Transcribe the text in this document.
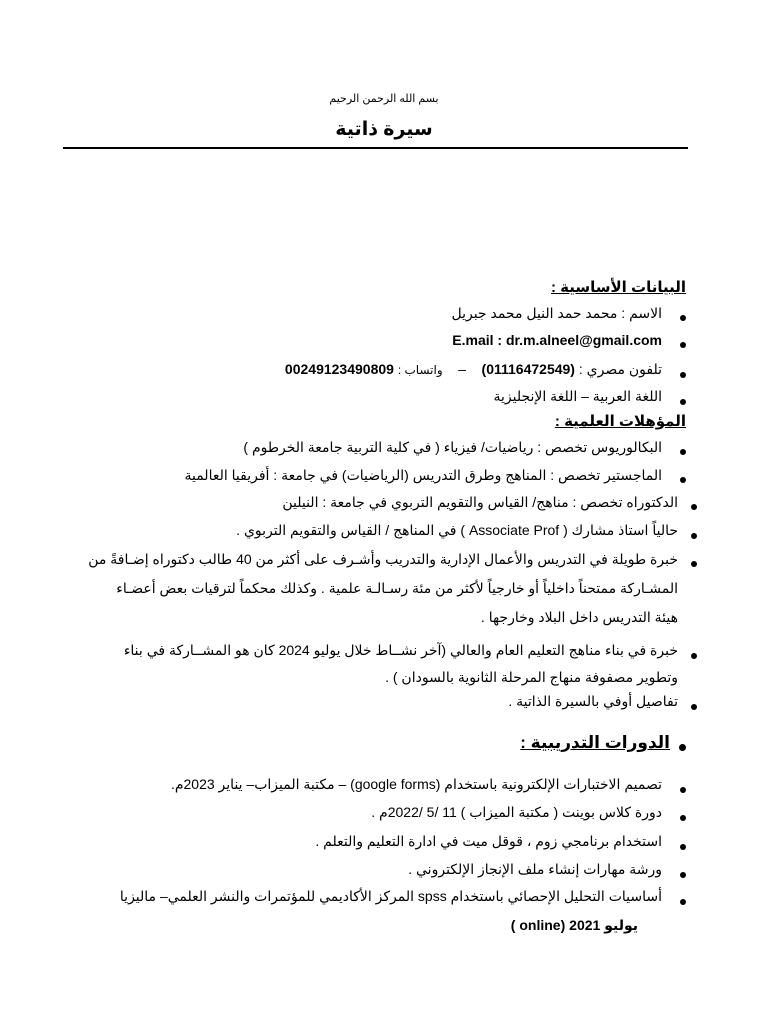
بسم الله الرحمن الرحيم
سيرة ذاتية
البيانات الأساسية :
الاسم : محمد حمد النيل محمد جبريل
E.mail : dr.m.alneel@gmail.com
تلفون مصري : (01116472549)    –    واتساب : 00249123490809
اللغة العربية – اللغة الإنجليزية
المؤهلات العلمية :
البكالوريوس تخصص : رياضيات/ فيزياء ( في كلية التربية جامعة الخرطوم )
الماجستير تخصص : المناهج وطرق التدريس (الرياضيات) في جامعة : أفريقيا العالمية
الدكتوراه تخصص : مناهج/ القياس والتقويم التربوي في جامعة : النيلين
حالياً استاذ مشارك ( Associate Prof ) في المناهج / القياس والتقويم التربوي .
خبرة طويلة في التدريس والأعمال الإدارية والتدريب وأشـرف على أكثر من 40 طالب دكتوراه إضـافةً من
المشـاركة ممتحناً داخلياً أو خارجياً لأكثر من مئة رسـالـة علمية . وكذلك محكماً لترقيات بعض أعضـاء
هيئة التدريس داخل البلاد وخارجها .
خبرة في بناء مناهج التعليم العام والعالي (آخر نشــاط خلال يوليو 2024 كان هو المشــاركة في بناء
وتطوير مصفوفة منهاج المرحلة الثانوية بالسودان ) .
تفاصيل أوفي بالسيرة الذاتية .
الدورات التدريبية :
تصميم الاختبارات الإلكترونية باستخدام (google forms) – مكتبة الميزاب– يناير 2023م.
دورة كلاس بوينت ( مكتبة الميزاب ) 11 /5 /2022م .
استخدام برنامجي زوم ، قوقل ميت في ادارة التعليم والتعلم .
ورشة مهارات إنشاء ملف الإنجاز الإلكتروني .
أساسيات التحليل الإحصائي باستخدام spss المركز الأكاديمي للمؤتمرات والنشر العلمي– ماليزيا
يوليو 2021 (online )
